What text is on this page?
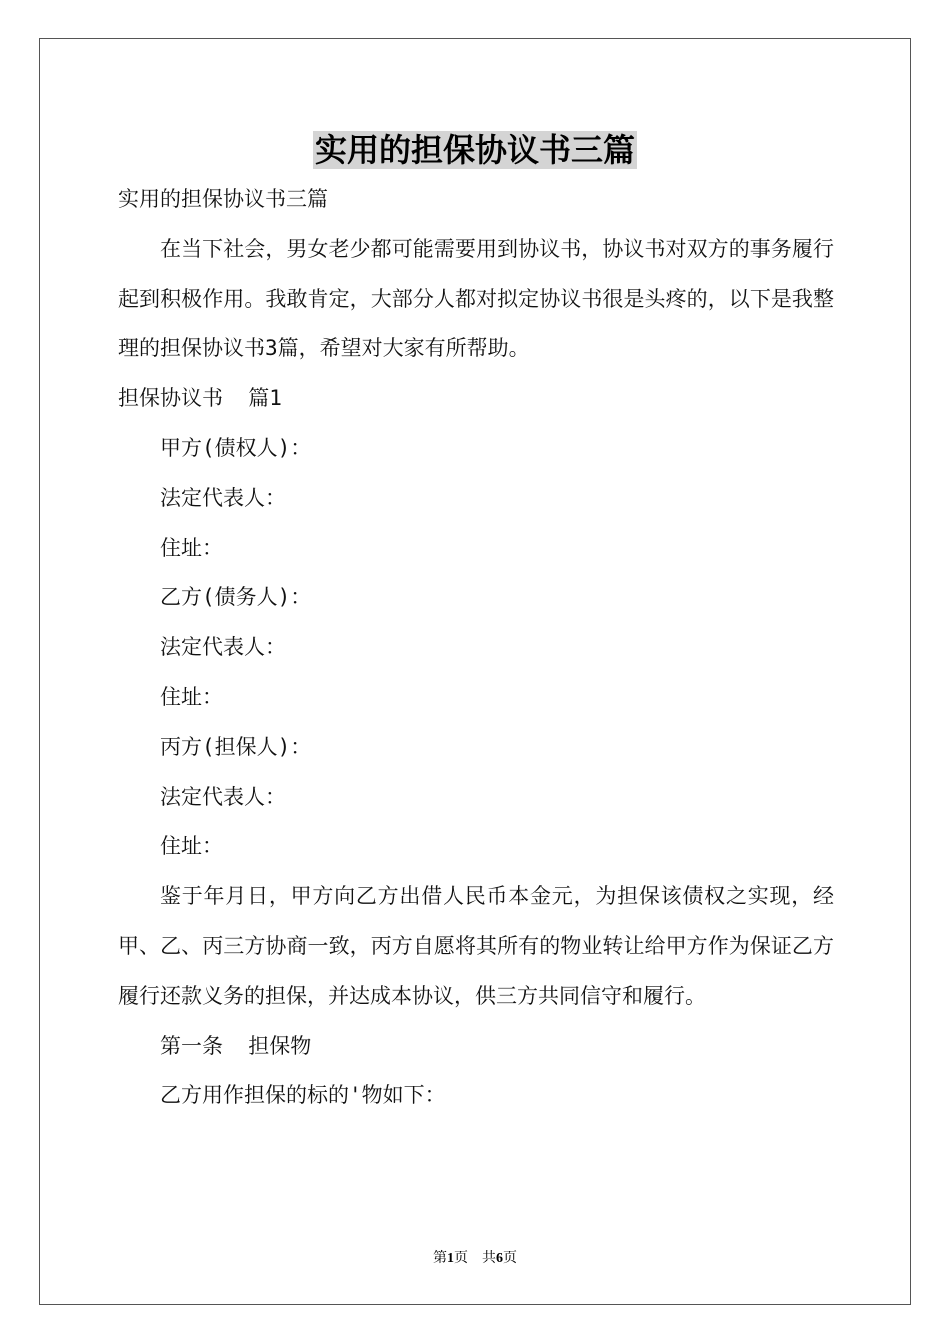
实用的担保协议书三篇

实用的担保协议书三篇

在当下社会，男女老少都可能需要用到协议书，协议书对双方的事务履行起到积极作用。我敢肯定，大部分人都对拟定协议书很是头疼的，以下是我整理的担保协议书3篇，希望对大家有所帮助。

担保协议书  篇1

甲方(债权人)：

法定代表人：

住址：

乙方(债务人)：

法定代表人：

住址：

丙方(担保人)：

法定代表人：

住址：

鉴于年月日，甲方向乙方出借人民币本金元，为担保该债权之实现，经甲、乙、丙三方协商一致，丙方自愿将其所有的物业转让给甲方作为保证乙方履行还款义务的担保，并达成本协议，供三方共同信守和履行。

第一条  担保物

乙方用作担保的标的'物如下：

第1页    共6页
